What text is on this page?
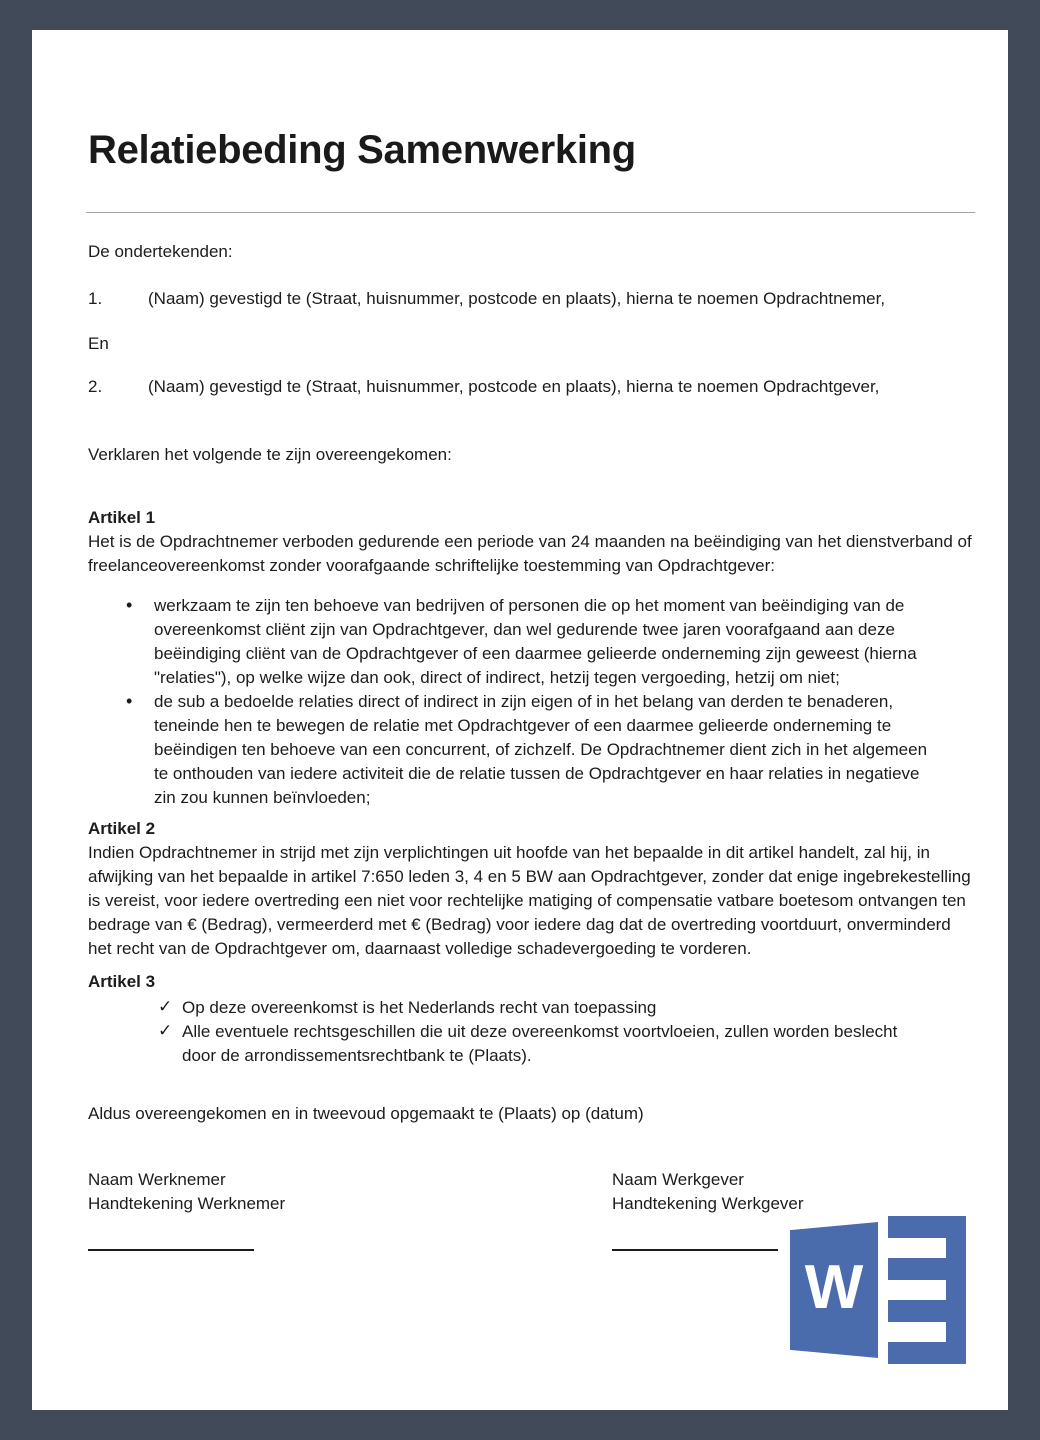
Relatiebeding Samenwerking
De ondertekenden:
1.	(Naam) gevestigd te (Straat, huisnummer, postcode en plaats), hierna te noemen Opdrachtnemer,
En
2.	(Naam) gevestigd te (Straat, huisnummer, postcode en plaats), hierna te noemen Opdrachtgever,
Verklaren het volgende te zijn overeengekomen:
Artikel 1
Het is de Opdrachtnemer verboden gedurende een periode van 24 maanden na beëindiging van het dienstverband of freelanceovereenkomst zonder voorafgaande schriftelijke toestemming van Opdrachtgever:
• werkzaam te zijn ten behoeve van bedrijven of personen die op het moment van beëindiging van de overeenkomst cliënt zijn van Opdrachtgever, dan wel gedurende twee jaren voorafgaand aan deze beëindiging cliënt van de Opdrachtgever of een daarmee gelieerde onderneming zijn geweest (hierna "relaties"), op welke wijze dan ook, direct of indirect, hetzij tegen vergoeding, hetzij om niet;
• de sub a bedoelde relaties direct of indirect in zijn eigen of in het belang van derden te benaderen, teneinde hen te bewegen de relatie met Opdrachtgever of een daarmee gelieerde onderneming te beëindigen ten behoeve van een concurrent, of zichzelf. De Opdrachtnemer dient zich in het algemeen te onthouden van iedere activiteit die de relatie tussen de Opdrachtgever en haar relaties in negatieve zin zou kunnen beïnvloeden;
Artikel 2
Indien Opdrachtnemer in strijd met zijn verplichtingen uit hoofde van het bepaalde in dit artikel handelt, zal hij, in afwijking van het bepaalde in artikel 7:650 leden 3, 4 en 5 BW aan Opdrachtgever, zonder dat enige ingebrekestelling is vereist, voor iedere overtreding een niet voor rechtelijke matiging of compensatie vatbare boetesom ontvangen ten bedrage van € (Bedrag), vermeerderd met € (Bedrag) voor iedere dag dat de overtreding voortduurt, onverminderd het recht van de Opdrachtgever om, daarnaast volledige schadevergoeding te vorderen.
Artikel 3
✓ Op deze overeenkomst is het Nederlands recht van toepassing
✓ Alle eventuele rechtsgeschillen die uit deze overeenkomst voortvloeien, zullen worden beslecht door de arrondissementsrechtbank te (Plaats).
Aldus overeengekomen en in tweevoud opgemaakt te (Plaats) op (datum)
Naam Werknemer
Handtekening Werknemer
Naam Werkgever
Handtekening Werkgever
W
